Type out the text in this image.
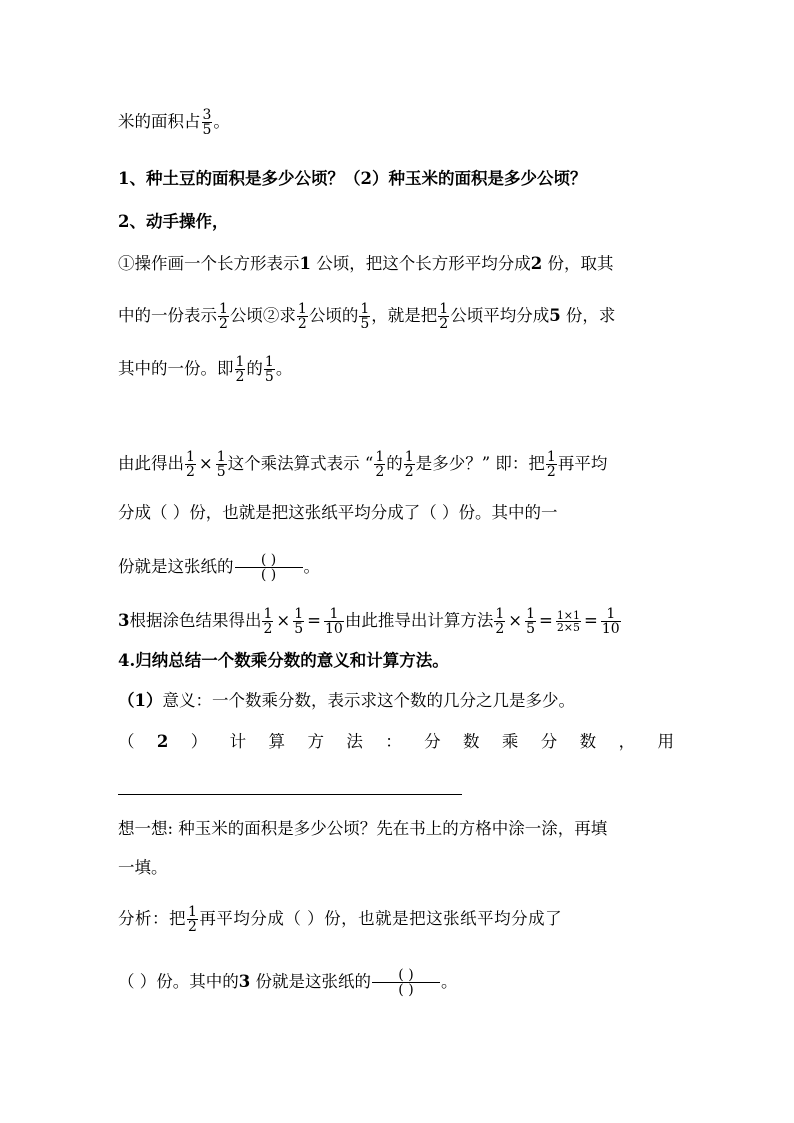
米的面积占 $\frac{3}{5}$ 。
1、种土豆的面积是多少公顷？（2）种玉米的面积是多少公顷？
2、动手操作，
①操作画一个长方形表示1 公顷，把这个长方形平均分成2 份，取其
中的一份表示 $\frac{1}{2}$ 公顷②求 $\frac{1}{2}$ 公顷的 $\frac{1}{5}$ ，就是把 $\frac{1}{2}$ 公顷平均分成5 份，求
其中的一份。即 $\frac{1}{2}$ 的 $\frac{1}{5}$ 。
由此得出 $\frac{1}{2} \times \frac{1}{5}$ 这个乘法算式表示 “ $\frac{1}{2}$ 的 $\frac{1}{2}$ 是多少？” 即：把 $\frac{1}{2}$ 再平均
分成（ ）份，也就是把这张纸平均分成了（ ）份。其中的一
份就是这张纸的	( )
( )	。
3根据涂色结果得出 $\frac{1}{2} \times \frac{1}{5} = \frac{1}{10}$ 由此推导出计算方法 $\frac{1}{2} \times \frac{1}{5} = \frac{1\times 1}{2\times 5} = \frac{1}{10}$
4.归纳总结一个数乘分数的意义和计算方法。
（1）意义：一个数乘分数，表示求这个数的几分之几是多少。
（ 2 ） 计 算 方 法 ： 分 数 乘 分 数 ， 用
想一想: 种玉米的面积是多少公顷？先在书上的方格中涂一涂，再填
一填。
分析：把 $\frac{1}{2}$ 再平均分成（ ）份，也就是把这张纸平均分成了
（ ）份。其中的3 份就是这张纸的	( )
( )	。
